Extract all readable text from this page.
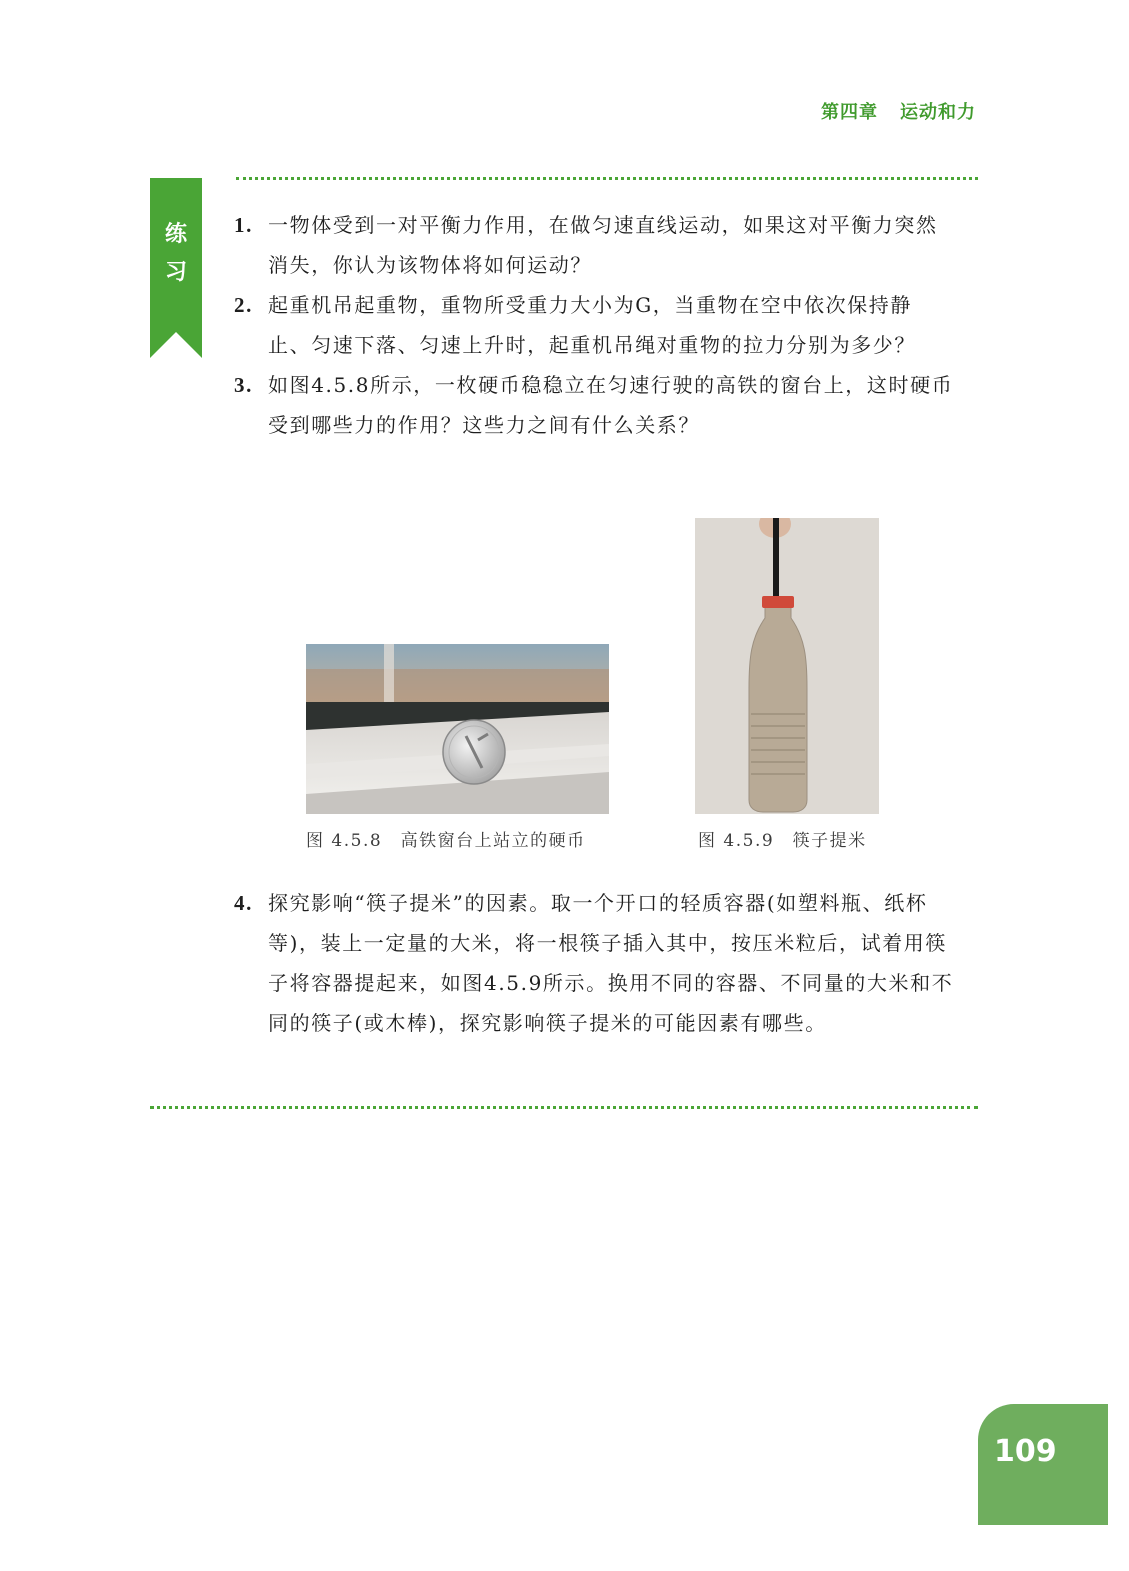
第四章 运动和力
练
习
1. 一物体受到一对平衡力作用，在做匀速直线运动，如果这对平衡力突然消失，你认为该物体将如何运动？
2. 起重机吊起重物，重物所受重力大小为G，当重物在空中依次保持静止、匀速下落、匀速上升时，起重机吊绳对重物的拉力分别为多少？
3. 如图4.5.8所示，一枚硬币稳稳立在匀速行驶的高铁的窗台上，这时硬币受到哪些力的作用？这些力之间有什么关系？
图 4.5.8　高铁窗台上站立的硬币	图 4.5.9　筷子提米
4. 探究影响“筷子提米”的因素。取一个开口的轻质容器(如塑料瓶、纸杯等)，装上一定量的大米，将一根筷子插入其中，按压米粒后，试着用筷子将容器提起来，如图4.5.9所示。换用不同的容器、不同量的大米和不同的筷子(或木棒)，探究影响筷子提米的可能因素有哪些。
109
